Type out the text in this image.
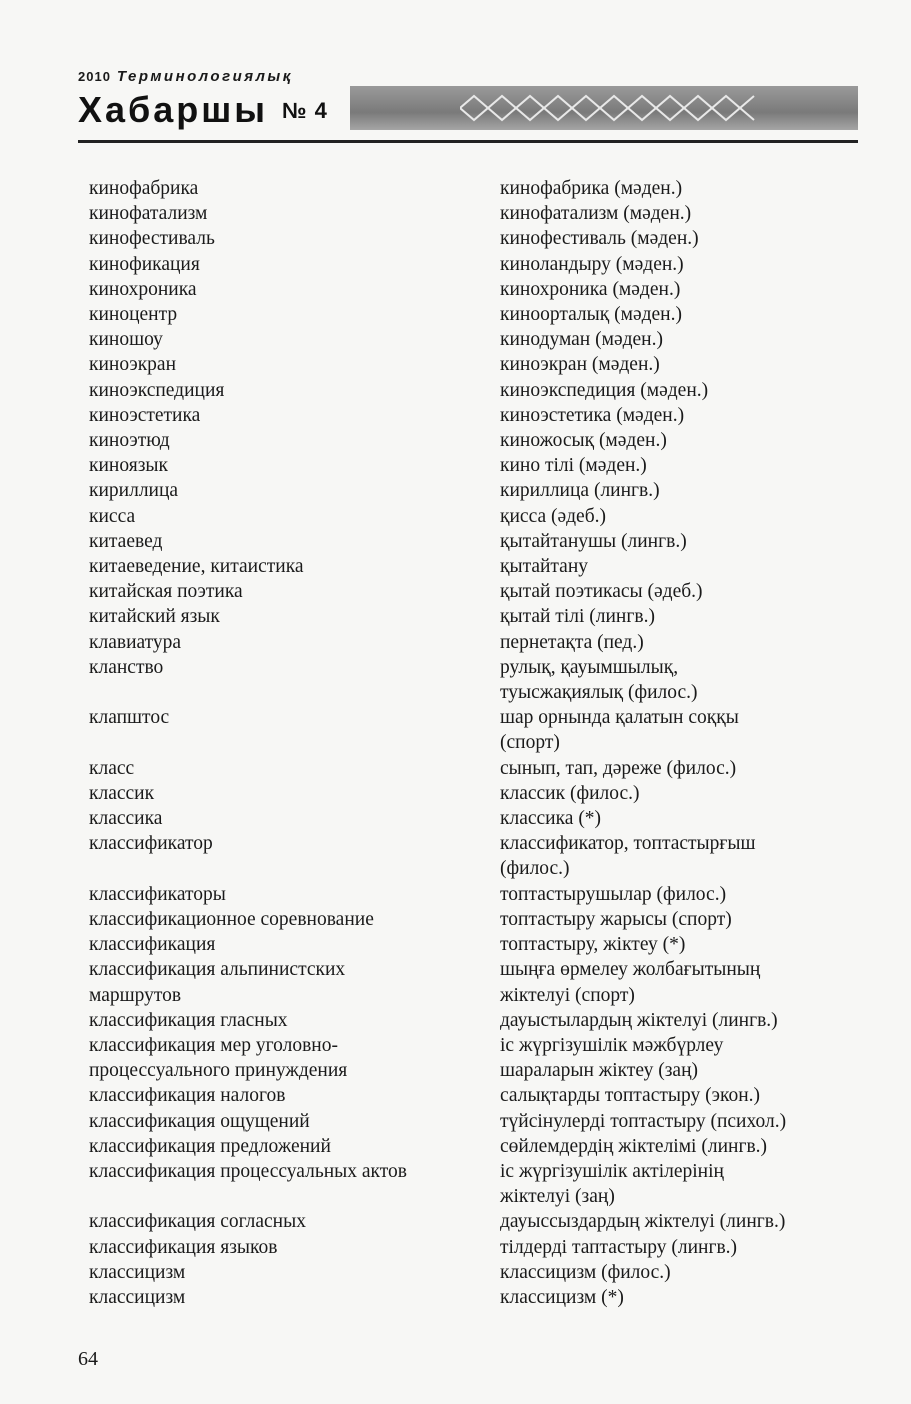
2010 Терминологиялық
Хабаршы № 4
кинофабрика
кинофатализм
кинофестиваль
кинофикация
кинохроника
киноцентр
киношоу
киноэкран
киноэкспедиция
киноэстетика
киноэтюд
киноязык
кириллица
кисса
китаевед
китаеведение, китаистика
китайская поэтика
китайский язык
клавиатура
кланство

клапштос

класс
классик
классика
классификатор

классификаторы
классификационное соревнование
классификация
классификация альпинистских
маршрутов
классификация гласных
классификация мер уголовно-
процессуального принуждения
классификация налогов
классификация ощущений
классификация предложений
классификация процессуальных актов

классификация согласных
классификация языков
классицизм
классицизм
кинофабрика (мəден.)
кинофатализм (мəден.)
кинофестиваль (мəден.)
киноландыру (мəден.)
кинохроника (мəден.)
киноорталық (мəден.)
кинодуман (мəден.)
киноэкран (мəден.)
киноэкспедиция (мəден.)
киноэстетика (мəден.)
киножосық (мəден.)
кино тілі (мəден.)
кириллица (лингв.)
қисса (əдеб.)
қытайтанушы (лингв.)
қытайтану
қытай поэтикасы (əдеб.)
қытай тілі (лингв.)
пернетақта (пед.)
рулық, қауымшылық,
туысжақиялық (филос.)
шар орнында қалатын соққы
(спорт)
сынып, тап, дəреже (филос.)
классик (филос.)
классика (*)
классификатор, топтастырғыш
(филос.)
топтастырушылар (филос.)
топтастыру жарысы (спорт)
топтастыру, жіктеу (*)
шыңға өрмелеу жолбағытының
жіктелуі (спорт)
дауыстылардың жіктелуі (лингв.)
іс жүргізушілік мəжбүрлеу
шараларын жіктеу (заң)
салықтарды топтастыру (экон.)
түйсінулерді топтастыру (психол.)
сөйлемдердің жіктелімі (лингв.)
іс жүргізушілік актілерінің
жіктелуі (заң)
дауыссыздардың жіктелуі (лингв.)
тілдерді таптастыру (лингв.)
классицизм (филос.)
классицизм (*)
64
